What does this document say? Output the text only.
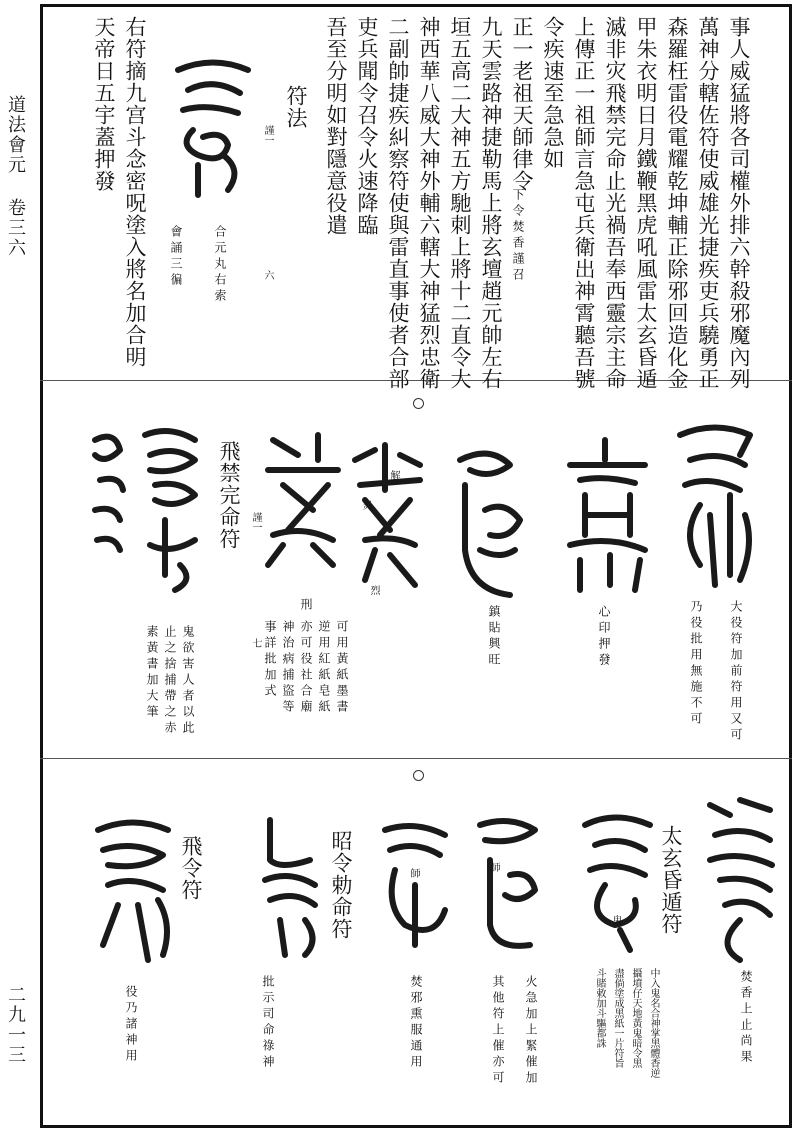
道法會元 卷三六
二九一三
事人威猛將各司權外排六幹殺邪魔內列
萬神分轄佐符使威雄光捷疾吏兵驍勇正
森羅枉雷役電耀乾坤輔正除邪回造化金
甲朱衣明日月鐵鞭黑虎吼風雷太玄昏遁
滅非灾飛禁完命止光禍吾奉西靈宗主命
上傳正一祖師言急屯兵衛出神霄聽吾號
令疾速至急急如
正一老祖天師律令
下令焚香謹召
九天雲路神捷勒馬上將玄壇趙元帥左右
垣五高二大神五方馳刺上將十二直令大
神西華八威大神外輔六轄大神猛烈忠衛
二副帥捷疾糾察符使與雷直事使者合部
吏兵聞令召令火速降臨
吾至分明如對隱意役遣
符法
謹一
六
合元丸右索
會誦三徧
右符摘九宫斗念密呪塗入將名加合明
天帝日五宇蓋押發
大役符加前符用又可
乃役批用無施不可
心印押發
鎮貼興旺
烈
解
炎
可用黃紙墨書
逆用紅紙皂紙
亦可役社合廟
神治病捕盜等
事詳批加式
刑
七
飛禁完命符 謹一
鬼欲害人者以此
止之捨捕帶之赤
素黃書加大筆
太玄昏遁符
鬼
師
師
昭令勅命符
飛令符
焚香上止尚果
中入鬼名合神掌黑體香逆
攝墳仔天地黃鬼暗令黑
盡倘塗成黑紙一片符旨
斗賭敕加斗驅都誅
火急加上緊催加
其他符上催亦可
焚邪熏服通用
批示司命祿神
役乃諸神用
